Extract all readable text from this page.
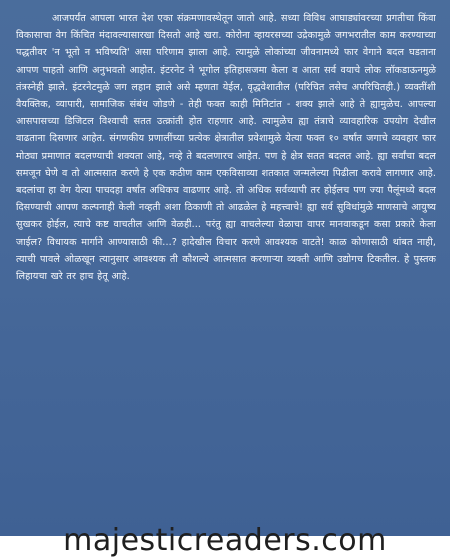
आजपर्यंत आपला भारत देश एका संक्रमणावस्थेतून जातो आहे. सध्या विविध आघाड्यांवरच्या प्रगतीचा किंवा विकासाचा वेग किंचित मंदावल्यासारखा दिसतो आहे खरा. कोरोना व्हायरसच्या उद्रेकामुळे जगभरातील काम करण्याच्या पद्धतीवर 'न भूतो न भविष्यति' असा परिणाम झाला आहे. त्यामुळे लोकांच्या जीवनामध्ये फार वेगाने बदल घडताना आपण पाहतो आणि अनुभवतो आहोत. इंटरनेट ने भूगोल इतिहासजमा केला व आता सर्व वयाचे लोक लॉकडाऊनमुळे तंत्रस्नेही झाले. इंटरनेटमुळे जग लहान झाले असे म्हणता येईल, वृद्धवेशातील (परिचित तसेच अपरिचितही.) व्यक्तींशी वैयक्तिक, व्यापारी, सामाजिक संबंध जोडणे - तेही फक्त काही मिनिटांत - शक्य झाले आहे ते ह्यामुळेच. आपल्या आसपासच्या डिजिटल विश्वाची सतत उत्क्रांती होत राहणार आहे. त्यामुळेच ह्या तंत्राचे व्यावहारिक उपयोग देखील वाढताना दिसणार आहेत. संगणकीय प्रणालींच्या प्रत्येक क्षेत्रातील प्रवेशामुळे येत्या फक्त १० वर्षांत जगाचे व्यवहार फार मोठ्या प्रमाणात बदलण्याची शक्यता आहे, नव्हे ते बदलणारच आहेत. पण हे क्षेत्र सतत बदलत आहे. ह्या सर्वांचा बदल समजून घेणे व तो आत्मसात करणे हे एक कठीण काम एकविसाव्या शतकात जन्मलेल्या पिढीला करावे लागणार आहे. बदलांचा हा वेग येत्या पाचदहा वर्षांत अधिकच वाढणार आहे. तो अधिक सर्वव्यापी तर होईलच पण ज्या पैलूंमध्ये बदल दिसण्याची आपण कल्पनाही केली नव्हती अशा ठिकाणी तो आढळेल हे महत्त्वाचे! ह्या सर्व सुविधांमुळे माणसाचे आयुष्य सुखकर होईल, त्याचे कष्ट वाचतील आणि वेळही... परंतु ह्या वाचलेल्या वेळाचा वापर मानवाकडून कसा प्रकारे केला जाईल? विधायक मार्गाने आण्यासाठी की...? हादेखील विचार करणे आवश्यक वाटते! काळ कोणासाठी थांबत नाही, त्याची पावले ओळखून त्यानुसार आवश्यक ती कौशल्ये आत्मसात करणाऱ्या व्यक्ती आणि उद्योगच टिकतील. हे पुस्तक लिहायचा खरे तर हाच हेतू आहे.

majesticreaders.com
